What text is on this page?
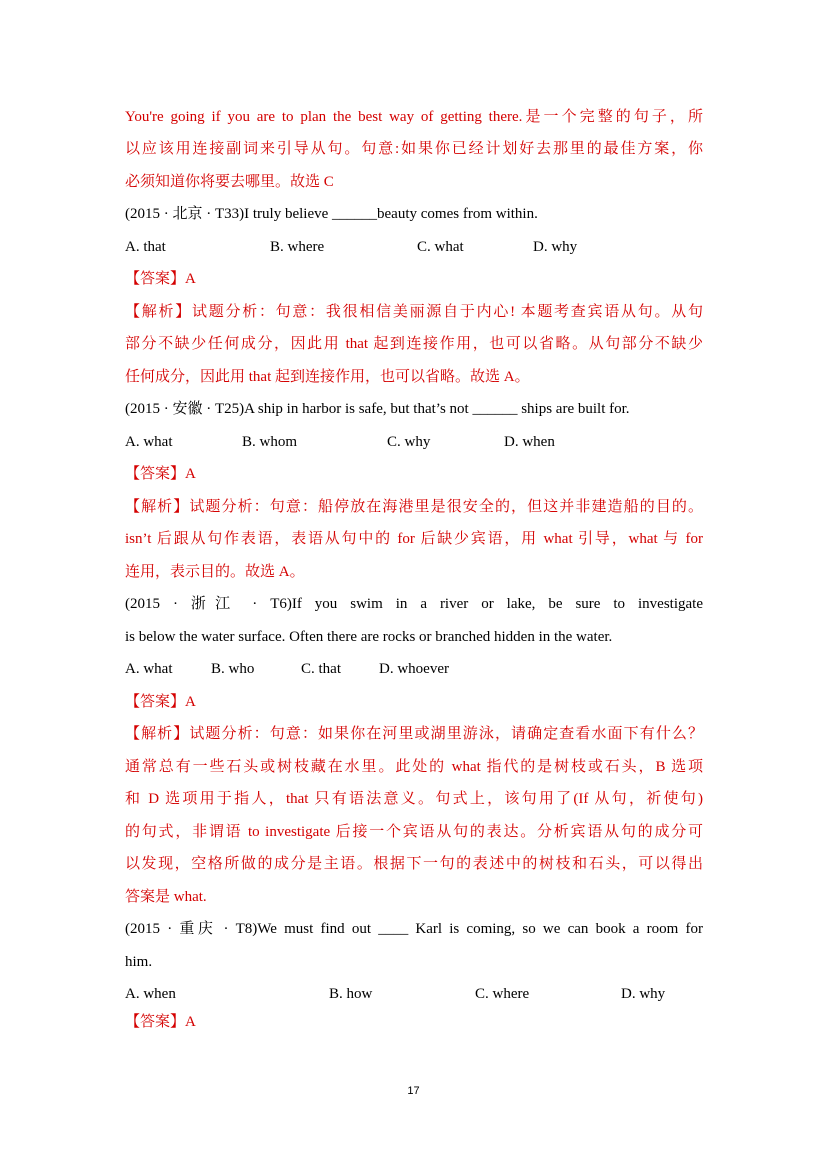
You're going if you are to plan the best way of getting there.是一个完整的句子，所
以应该用连接副词来引导从句。句意:如果你已经计划好去那里的最佳方案，你
必须知道你将要去哪里。故选 C
(2015 · 北京 · T33)I truly believe ______beauty comes from within.
A. that	B. where	C. what	D. why
【答案】A
【解析】试题分析：句意：我很相信美丽源自于内心! 本题考查宾语从句。从句
部分不缺少任何成分，因此用 that 起到连接作用，也可以省略。从句部分不缺少
任何成分，因此用 that 起到连接作用，也可以省略。故选 A。
(2015 · 安徽 · T25)A ship in harbor is safe, but that’s not ______ ships are built for.
A. what	B. whom	C. why	D. when
【答案】A
【解析】试题分析：句意：船停放在海港里是很安全的，但这并非建造船的目的。
isn’t 后跟从句作表语，表语从句中的 for 后缺少宾语，用 what 引导，what 与 for
连用，表示目的。故选 A。
(2015 · 浙江 · T6)If you swim in a river or lake, be sure to investigate
is below the water surface. Often there are rocks or branched hidden in the water.
A. what	B. who	C. that	D. whoever
【答案】A
【解析】试题分析：句意：如果你在河里或湖里游泳，请确定查看水面下有什么？
通常总有一些石头或树枝藏在水里。此处的 what 指代的是树枝或石头，B 选项
和 D 选项用于指人，that 只有语法意义。句式上，该句用了(If 从句，祈使句)
的句式，非谓语 to investigate 后接一个宾语从句的表达。分析宾语从句的成分可
以发现，空格所做的成分是主语。根据下一句的表述中的树枝和石头，可以得出
答案是 what.
(2015 · 重庆 · T8)We must find out ____ Karl is coming, so we can book a room for
him.
A. when	B. how	C. where	D. why
【答案】A
17
